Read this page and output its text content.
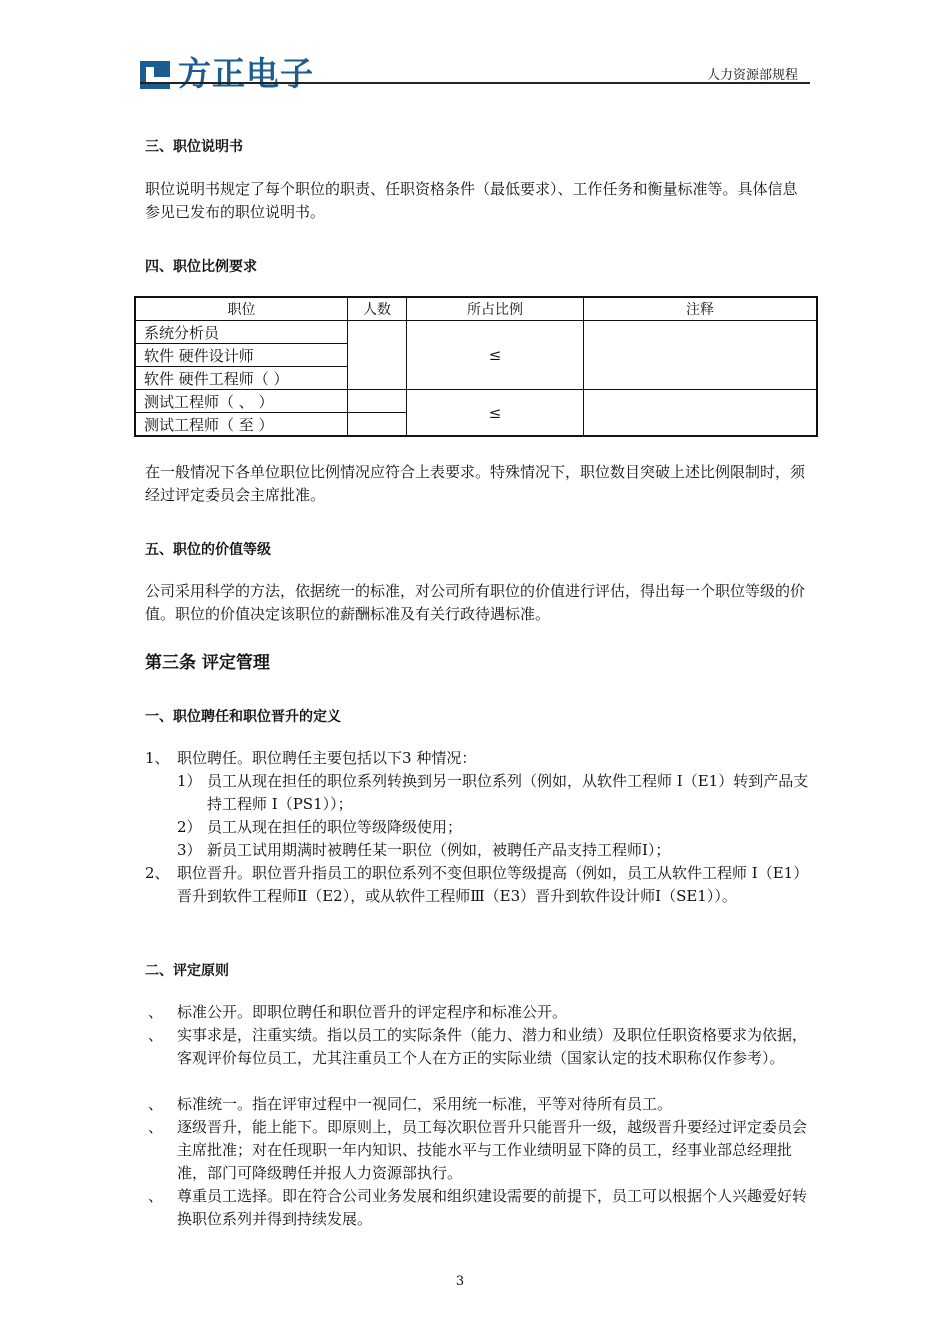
方正电子	人力资源部规程
三、职位说明书
职位说明书规定了每个职位的职责、任职资格条件（最低要求）、工作任务和衡量标准等。具体信息参见已发布的职位说明书。
四、职位比例要求
职位	人数	所占比例	注释
系统分析员		≤	
软件 硬件设计师			
软件 硬件工程师（ ）			
测试工程师（ 、 ）		≤	
测试工程师（ 至 ）			
在一般情况下各单位职位比例情况应符合上表要求。特殊情况下，职位数目突破上述比例限制时，须经过评定委员会主席批准。
五、职位的价值等级
公司采用科学的方法，依据统一的标准，对公司所有职位的价值进行评估，得出每一个职位等级的价值。职位的价值决定该职位的薪酬标准及有关行政待遇标准。
第三条 评定管理
一、职位聘任和职位晋升的定义
1、 职位聘任。职位聘任主要包括以下3 种情况：
1） 员工从现在担任的职位系列转换到另一职位系列（例如，从软件工程师 I（E1）转到产品支持工程师 I（PS1））；
2） 员工从现在担任的职位等级降级使用；
3） 新员工试用期满时被聘任某一职位（例如，被聘任产品支持工程师Ⅰ）；
2、 职位晋升。职位晋升指员工的职位系列不变但职位等级提高（例如，员工从软件工程师 I（E1）晋升到软件工程师Ⅱ（E2），或从软件工程师Ⅲ（E3）晋升到软件设计师Ⅰ（SE1））。
二、评定原则
、 标准公开。即职位聘任和职位晋升的评定程序和标准公开。
、 实事求是，注重实绩。指以员工的实际条件（能力、潜力和业绩）及职位任职资格要求为依据，客观评价每位员工，尤其注重员工个人在方正的实际业绩（国家认定的技术职称仅作参考）。
、 标准统一。指在评审过程中一视同仁，采用统一标准，平等对待所有员工。
、 逐级晋升，能上能下。即原则上，员工每次职位晋升只能晋升一级，越级晋升要经过评定委员会主席批准；对在任现职一年内知识、技能水平与工作业绩明显下降的员工，经事业部总经理批准，部门可降级聘任并报人力资源部执行。
、 尊重员工选择。即在符合公司业务发展和组织建设需要的前提下，员工可以根据个人兴趣爱好转换职位系列并得到持续发展。
3
